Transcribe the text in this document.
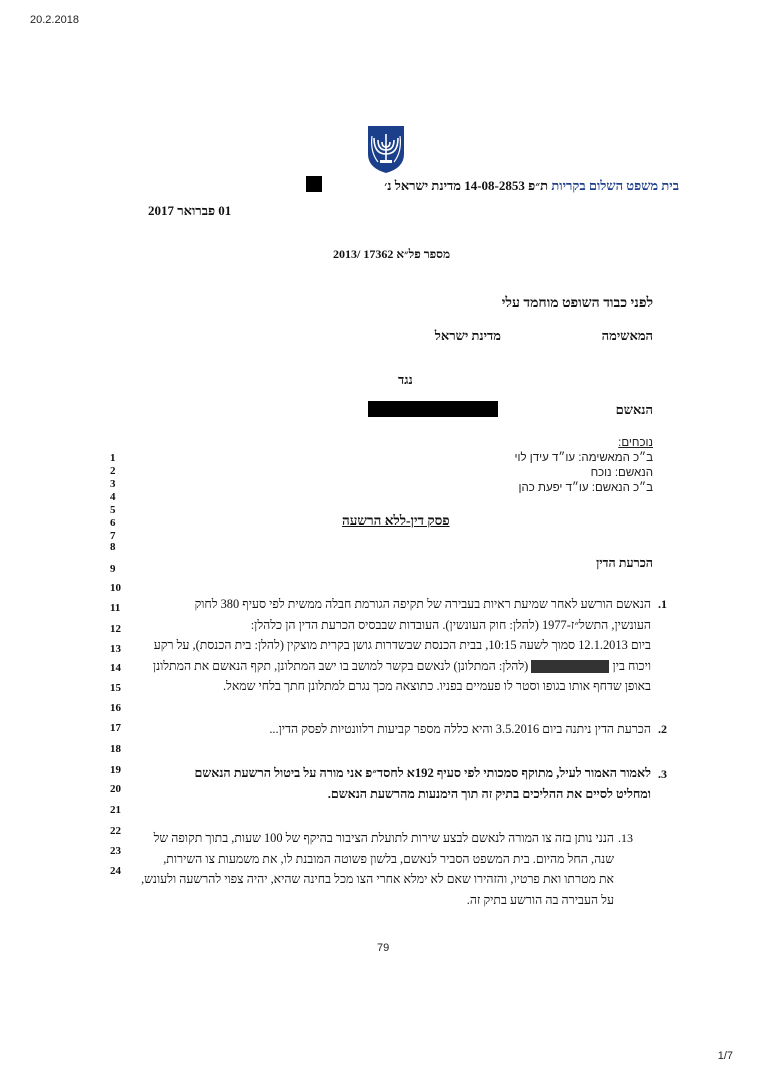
20.2.2018
בית משפט השלום בקריות ת״פ 14-08-2853 מדינת ישראל נ׳
01 פברואר 2017
מספר פל״א 17362 /2013
לפני כבוד השופט מוחמד עלי
המאשימה
מדינת ישראל
נגד
הנאשם
נוכחים:
ב״כ המאשימה: עו״ד עידן לוי
הנאשם: נוכח
ב״כ הנאשם: עו״ד יפעת כהן
1
2
3
4
5
6
7
8
9
10
11
12
13
14
15
16
17
18
19
20
21
22
23
24
פסק דין-ללא הרשעה
הכרעת הדין
1.
הנאשם הורשע לאחר שמיעת ראיות בעבירה של תקיפה הגורמת חבלה ממשית לפי סעיף 380 לחוק
העונשין, התשל״ז-1977 (להלן: חוק העונשין). העובדות שבבסיס הכרעת הדין הן כלהלן:
ביום 12.1.2013 סמוך לשעה 10:15, בבית הכנסת שבשדרות גושן בקרית מוצקין (להלן: בית הכנסת), על רקע
ויכוח בין  (להלן: המתלונן) לנאשם בקשר למושב בו ישב המתלונן, תקף הנאשם את המתלונן
באופן שדחף אותו בגופו וסטר לו פעמיים בפניו. כתוצאה מכך נגרם למתלונן חתך בלחי שמאל.
2.
הכרעת הדין ניתנה ביום 3.5.2016 והיא כללה מספר קביעות רלוונטיות לפסק הדין...
3.
לאמור האמור לעיל, מתוקף סמכותי לפי סעיף 192א לחסד״פ אני מורה על ביטול הרשעת הנאשם
ומחליט לסיים את ההליכים בתיק זה תוך הימנעות מהרשעת הנאשם.
13.
הנני נותן בזה צו המורה לנאשם לבצע שירות לתועלת הציבור בהיקף של 100 שעות, בתוך תקופה של
שנה, החל מהיום. בית המשפט הסביר לנאשם, בלשון פשוטה המובנת לו, את משמעות צו השירות,
את מטרתו ואת פרטיו, והזהירו שאם לא ימלא אחרי הצו מכל בחינה שהיא, יהיה צפוי להרשעה ולעונש,
על העבירה בה הורשע בתיק זה.
79
1/7
